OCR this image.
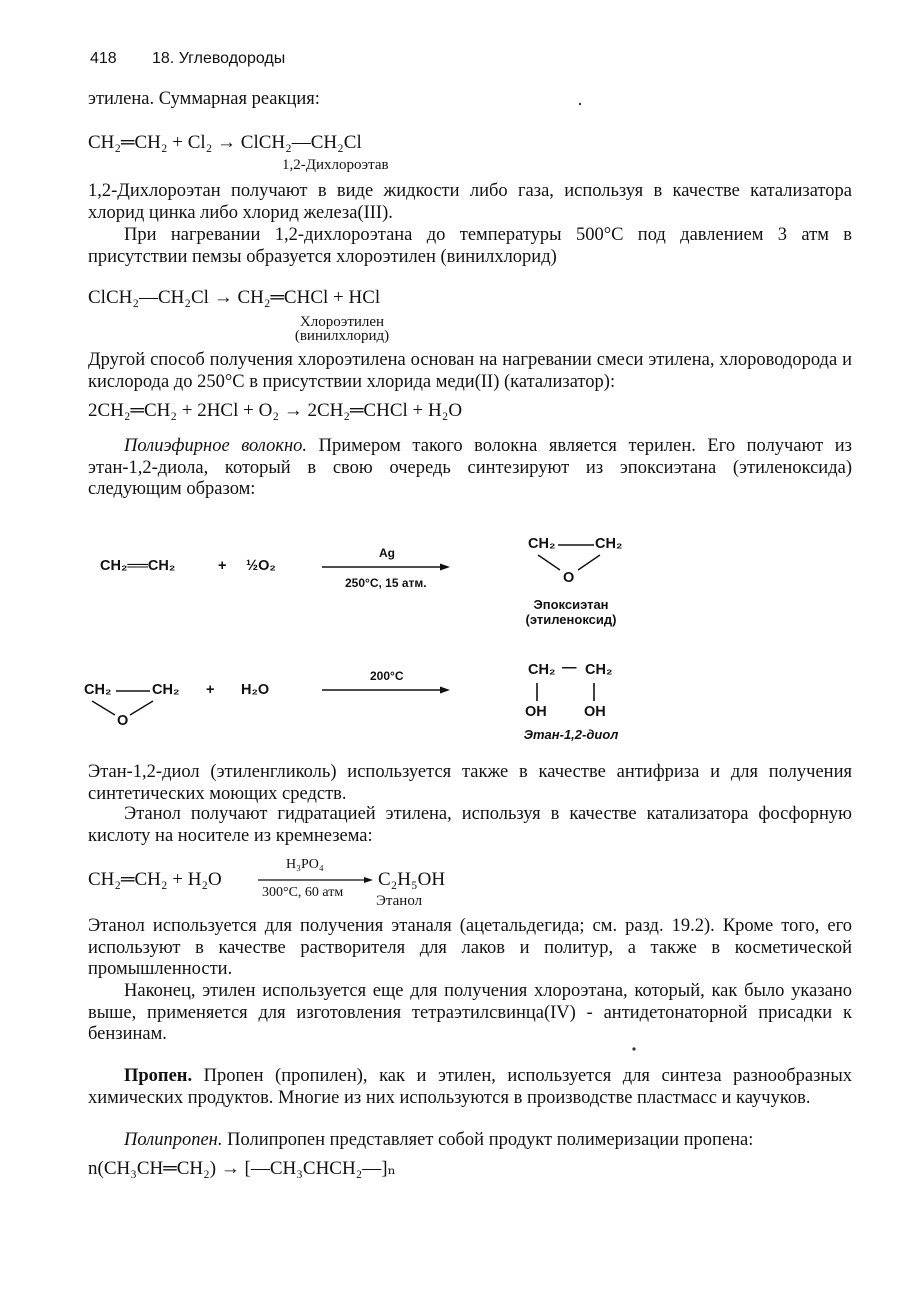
418 18. Углеводороды
этилена. Суммарная реакция:
CH₂═CH₂ + Cl₂ → ClCH₂—CH₂Cl
1,2-Дихлороэтав
1,2-Дихлороэтан получают в виде жидкости либо газа, используя в качестве катализатора хлорид цинка либо хлорид железа(III).
При нагревании 1,2-дихлороэтана до температуры 500°C под давлением 3 атм в присутствии пемзы образуется хлороэтилен (винилхлорид)
ClCH₂—CH₂Cl → CH₂═CHCl + HCl
Хлороэтилен
(винилхлорид)
Другой способ получения хлороэтилена основан на нагревании смеси этилена, хлороводорода и кислорода до 250°C в присутствии хлорида меди(II) (катализатор):
2CH₂═CH₂ + 2HCl + O₂ → 2CH₂═CHCl + H₂O
Полиэфирное волокно. Примером такого волокна является терилен. Его получают из этан-1,2-диола, который в свою очередь синтезируют из эпоксиэтана (этиленоксида) следующим образом:
CH₂══CH₂	+ ½O₂
Ag
250°C, 15 атм.
CH₂	CH₂
O
Эпоксиэтан
(этиленоксид)
CH₂	CH₂
O
+ H₂O
200°C	CH₂ — CH₂
OH	OH
Этан-1,2-диол
Этан-1,2-диол (этиленгликоль) используется также в качестве антифриза и для получения синтетических моющих средств.
Этанол получают гидратацией этилена, используя в качестве катализатора фосфорную кислоту на носителе из кремнезема:
CH₂═CH₂ + H₂O
H₃PO₄
300°C, 60 атм
C₂H₅OH
Этанол
Этанол используется для получения этаналя (ацетальдегида; см. разд. 19.2). Кроме того, его используют в качестве растворителя для лаков и политур, а также в косметической промышленности.
Наконец, этилен используется еще для получения хлороэтана, который, как было указано выше, применяется для изготовления тетраэтилсвинца(IV) - антидетонаторной присадки к бензинам.
Пропен. Пропен (пропилен), как и этилен, используется для синтеза разнообразных химических продуктов. Многие из них используются в производстве пластмасс и каучуков.
Полипропен. Полипропен представляет собой продукт полимеризации пропена:
n(CH₃CH═CH₂) → [—CH₃CHCH₂—]ₙ
